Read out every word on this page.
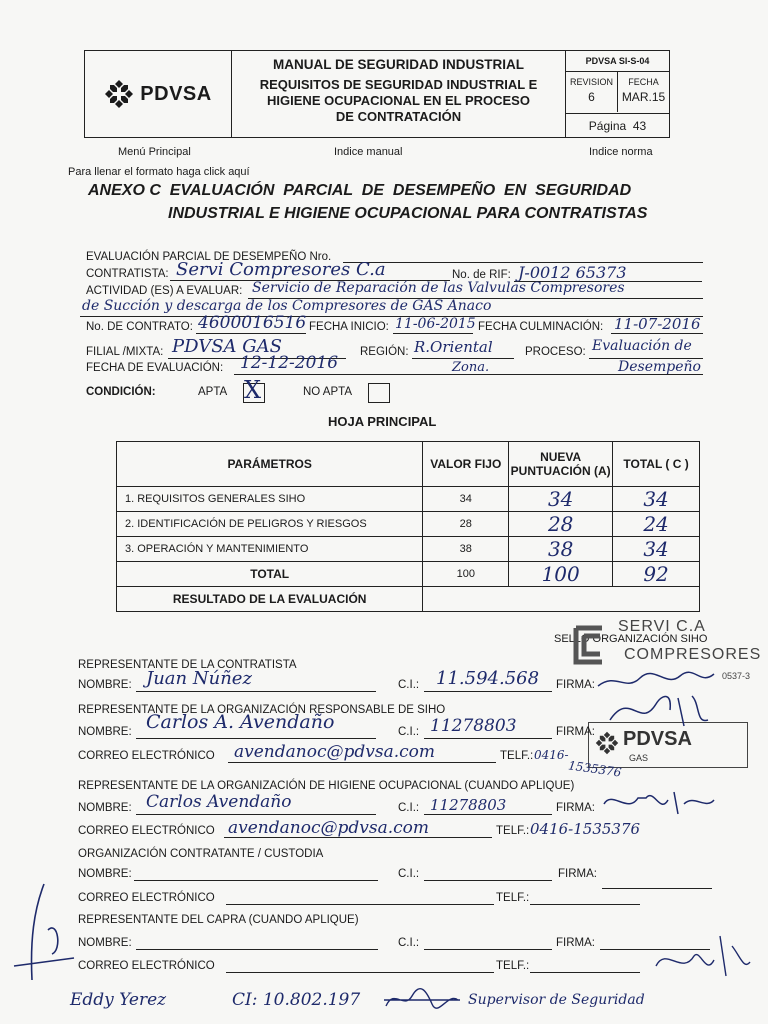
PDVSA
MANUAL DE SEGURIDAD INDUSTRIAL
REQUISITOS DE SEGURIDAD INDUSTRIAL E
HIGIENE OCUPACIONAL EN EL PROCESO
DE CONTRATACIÓN
PDVSA SI-S-04
REVISION
6
FECHA
MAR.15
Página 43
Menú Principal	Indice manual	Indice norma
Para llenar el formato haga click aquí
ANEXO C  EVALUACIÓN  PARCIAL  DE  DESEMPEÑO  EN  SEGURIDAD
INDUSTRIAL E HIGIENE OCUPACIONAL PARA CONTRATISTAS
EVALUACIÓN PARCIAL DE DESEMPEÑO Nro.
CONTRATISTA: Servi Compresores C.a	No. de RIF: J-0012 65373
ACTIVIDAD (ES) A EVALUAR: Servicio de Reparación de las Valvulas Compresores
de Succión y descarga de los Compresores de GAS Anaco
No. DE CONTRATO: 4600016516 FECHA INICIO: 11-06-2015 FECHA CULMINACIÓN: 11-07-2016
FILIAL /MIXTA: PDVSA GAS	REGIÓN: R.Oriental
Zona.
PROCESO: Evaluación de
Desempeño
FECHA DE EVALUACIÓN: 12-12-2016
CONDICIÓN:	APTA X	NO APTA
HOJA PRINCIPAL
PARÁMETROS	VALOR FIJO	NUEVA PUNTUACIÓN (A)	TOTAL ( C )
1. REQUISITOS GENERALES SIHO	34	34	34
2. IDENTIFICACIÓN DE PELIGROS Y RIESGOS	28	28	24
3. OPERACIÓN Y MANTENIMIENTO	38	38	34
TOTAL	100	100	92
RESULTADO DE LA EVALUACIÓN			
SELLO ORGANIZACIÓN SIHO
SERVI C.A
COMPRESORES
0537-3
PDVSA
GAS
REPRESENTANTE DE LA CONTRATISTA
NOMBRE: Juan Núñez	C.I.: 11.594.568 FIRMA:
REPRESENTANTE DE LA ORGANIZACIÓN RESPONSABLE DE SIHO
NOMBRE: Carlos A. Avendaño	C.I.: 11278803	FIRMA:
CORREO ELECTRÓNICO avendanoc@pdvsa.com	TELF.: 0416-
1535376
REPRESENTANTE DE LA ORGANIZACIÓN DE HIGIENE OCUPACIONAL (CUANDO APLIQUE)
NOMBRE: Carlos Avendaño	C.I.: 11278803	FIRMA:
CORREO ELECTRÓNICO avendanoc@pdvsa.com	TELF.: 0416-1535376
ORGANIZACIÓN CONTRATANTE / CUSTODIA
NOMBRE:	C.I.:	FIRMA:
CORREO ELECTRÓNICO	TELF.:
REPRESENTANTE DEL CAPRA (CUANDO APLIQUE)
NOMBRE:	C.I.:	FIRMA:
CORREO ELECTRÓNICO	TELF.:
Eddy Yerez	CI: 10.802.197	Supervisor de Seguridad
